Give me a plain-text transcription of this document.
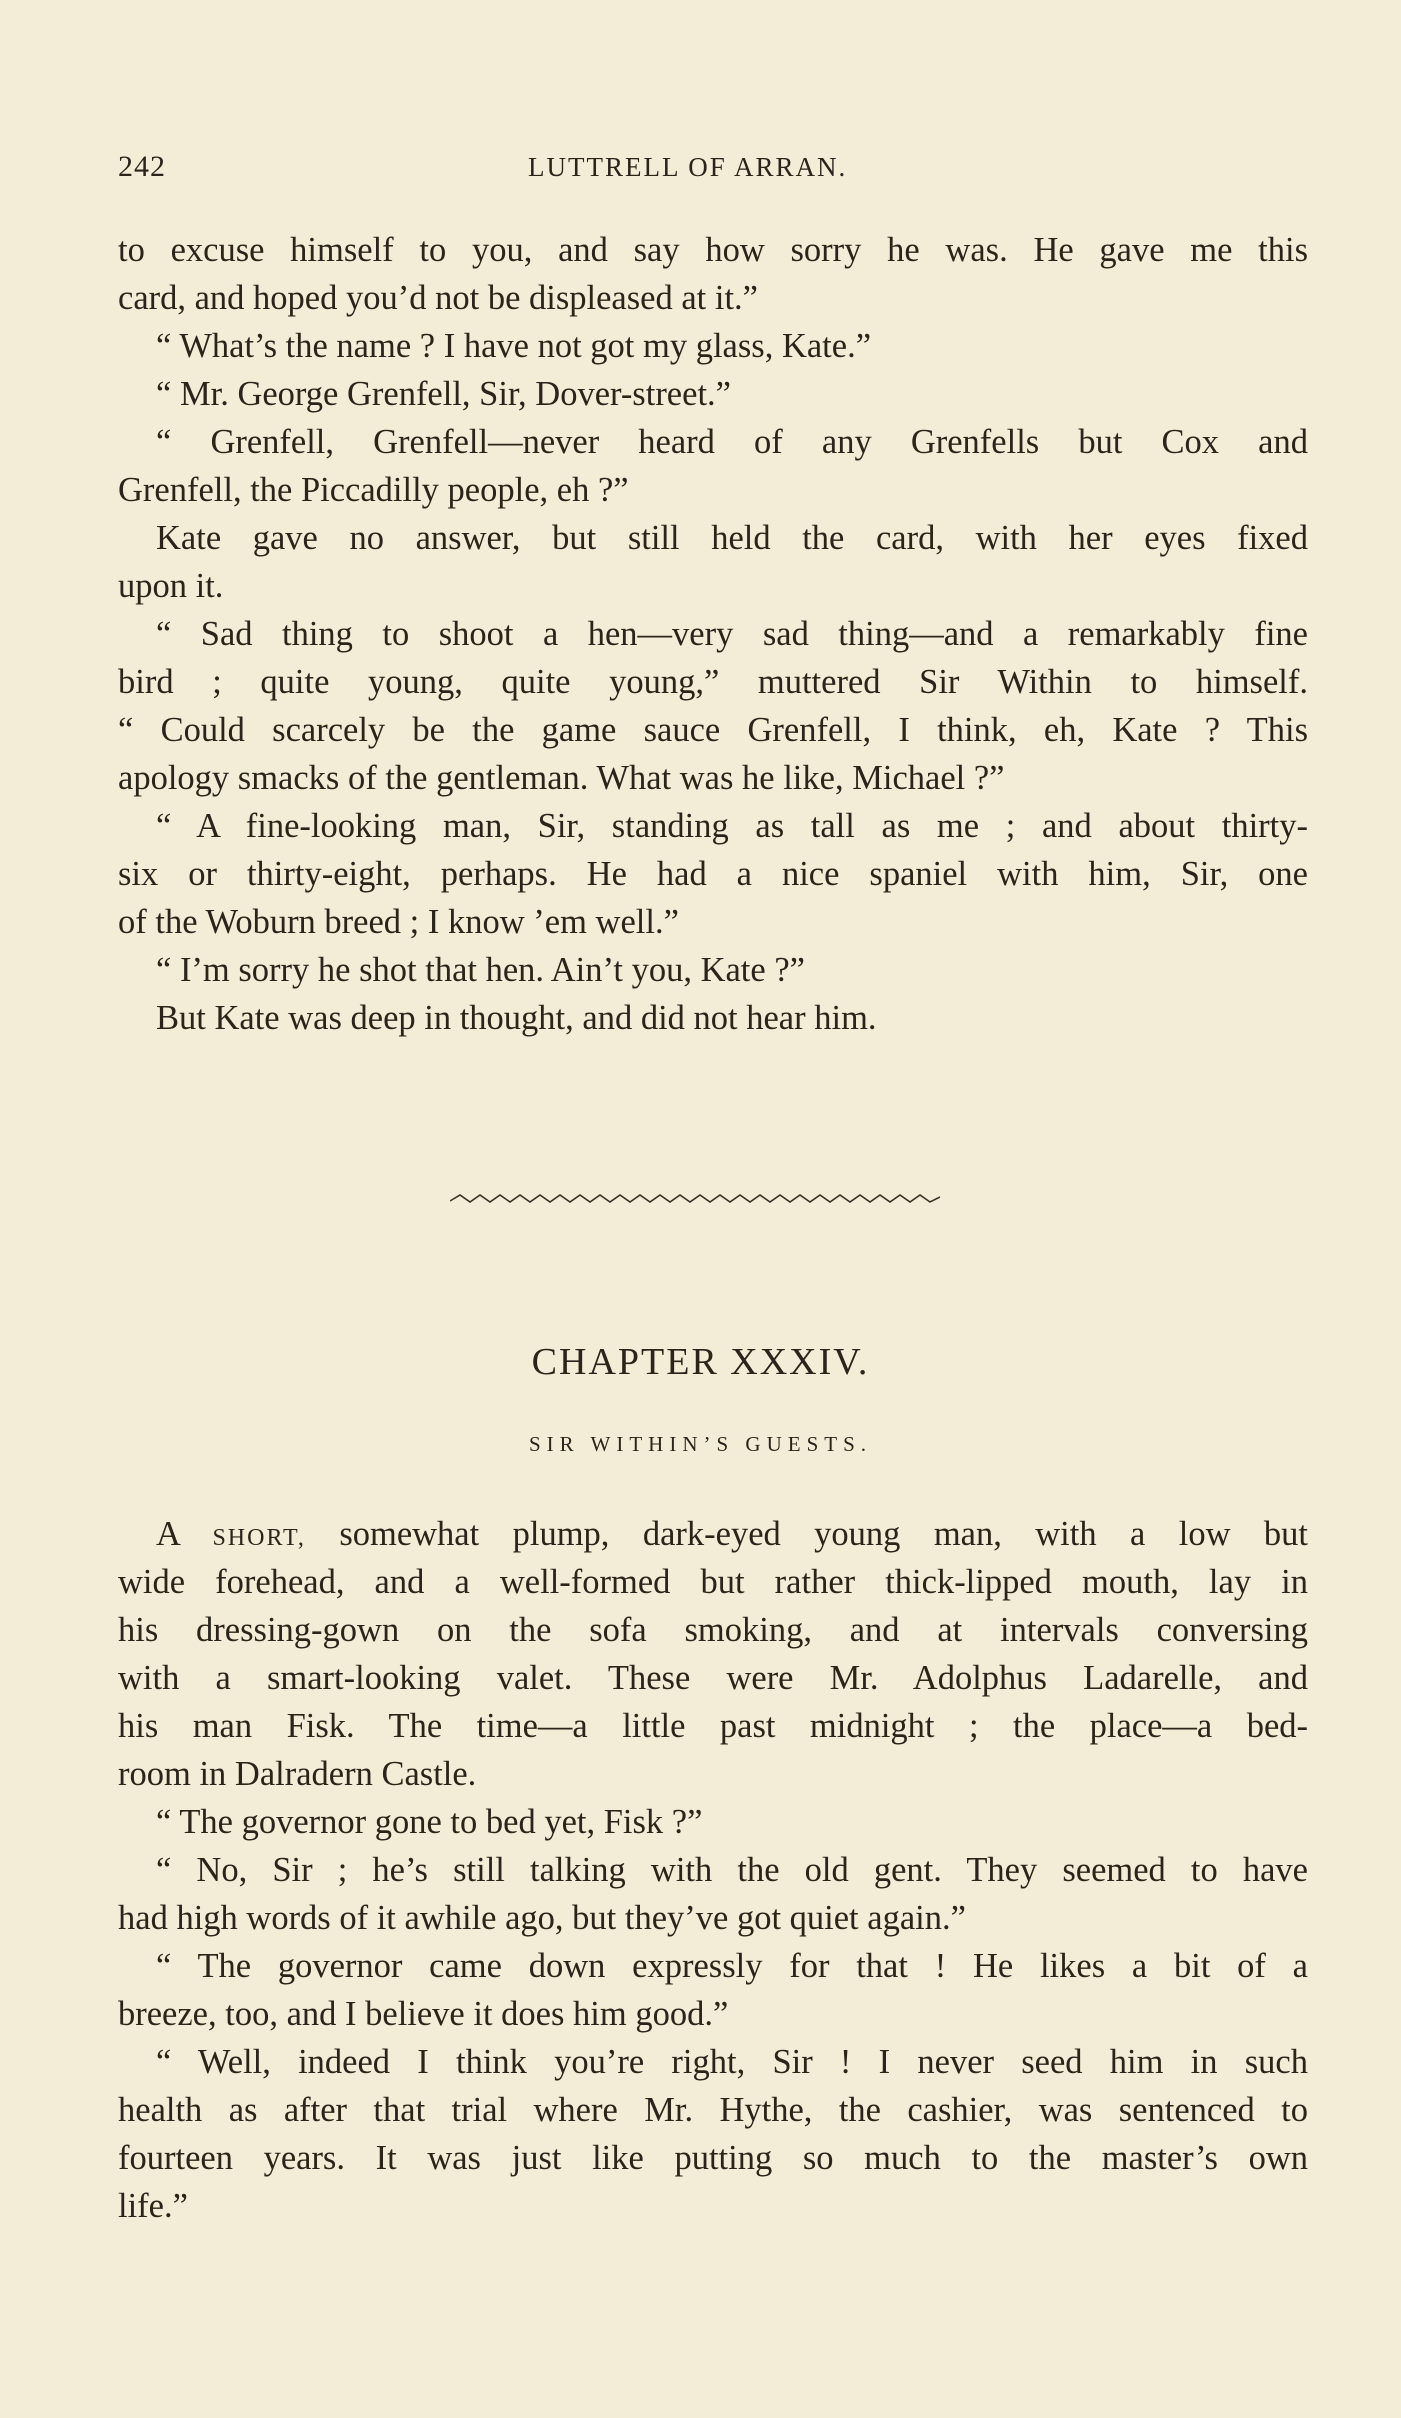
242	LUTTRELL OF ARRAN.

to excuse himself to you, and say how sorry he was. He gave me this

card, and hoped you’d not be displeased at it.”

“ What’s the name ? I have not got my glass, Kate.”

“ Mr. George Grenfell, Sir, Dover-street.”

“ Grenfell, Grenfell—never heard of any Grenfells but Cox and

Grenfell, the Piccadilly people, eh ?”

Kate gave no answer, but still held the card, with her eyes fixed

upon it.

“ Sad thing to shoot a hen—very sad thing—and a remarkably fine

bird ; quite young, quite young,” muttered Sir Within to himself.

“ Could scarcely be the game sauce Grenfell, I think, eh, Kate ? This

apology smacks of the gentleman. What was he like, Michael ?”

“ A fine-looking man, Sir, standing as tall as me ; and about thirty-

six or thirty-eight, perhaps. He had a nice spaniel with him, Sir, one

of the Woburn breed ; I know ’em well.”

“ I’m sorry he shot that hen. Ain’t you, Kate ?”

But Kate was deep in thought, and did not hear him.

CHAPTER XXXIV.
SIR WITHIN’S GUESTS.

A SHORT, somewhat plump, dark-eyed young man, with a low but

wide forehead, and a well-formed but rather thick-lipped mouth, lay in

his dressing-gown on the sofa smoking, and at intervals conversing

with a smart-looking valet. These were Mr. Adolphus Ladarelle, and

his man Fisk. The time—a little past midnight ; the place—a bed-

room in Dalradern Castle.

“ The governor gone to bed yet, Fisk ?”

“ No, Sir ; he’s still talking with the old gent. They seemed to have

had high words of it awhile ago, but they’ve got quiet again.”

“ The governor came down expressly for that ! He likes a bit of a

breeze, too, and I believe it does him good.”

“ Well, indeed I think you’re right, Sir ! I never seed him in such

health as after that trial where Mr. Hythe, the cashier, was sentenced to

fourteen years. It was just like putting so much to the master’s own

life.”
